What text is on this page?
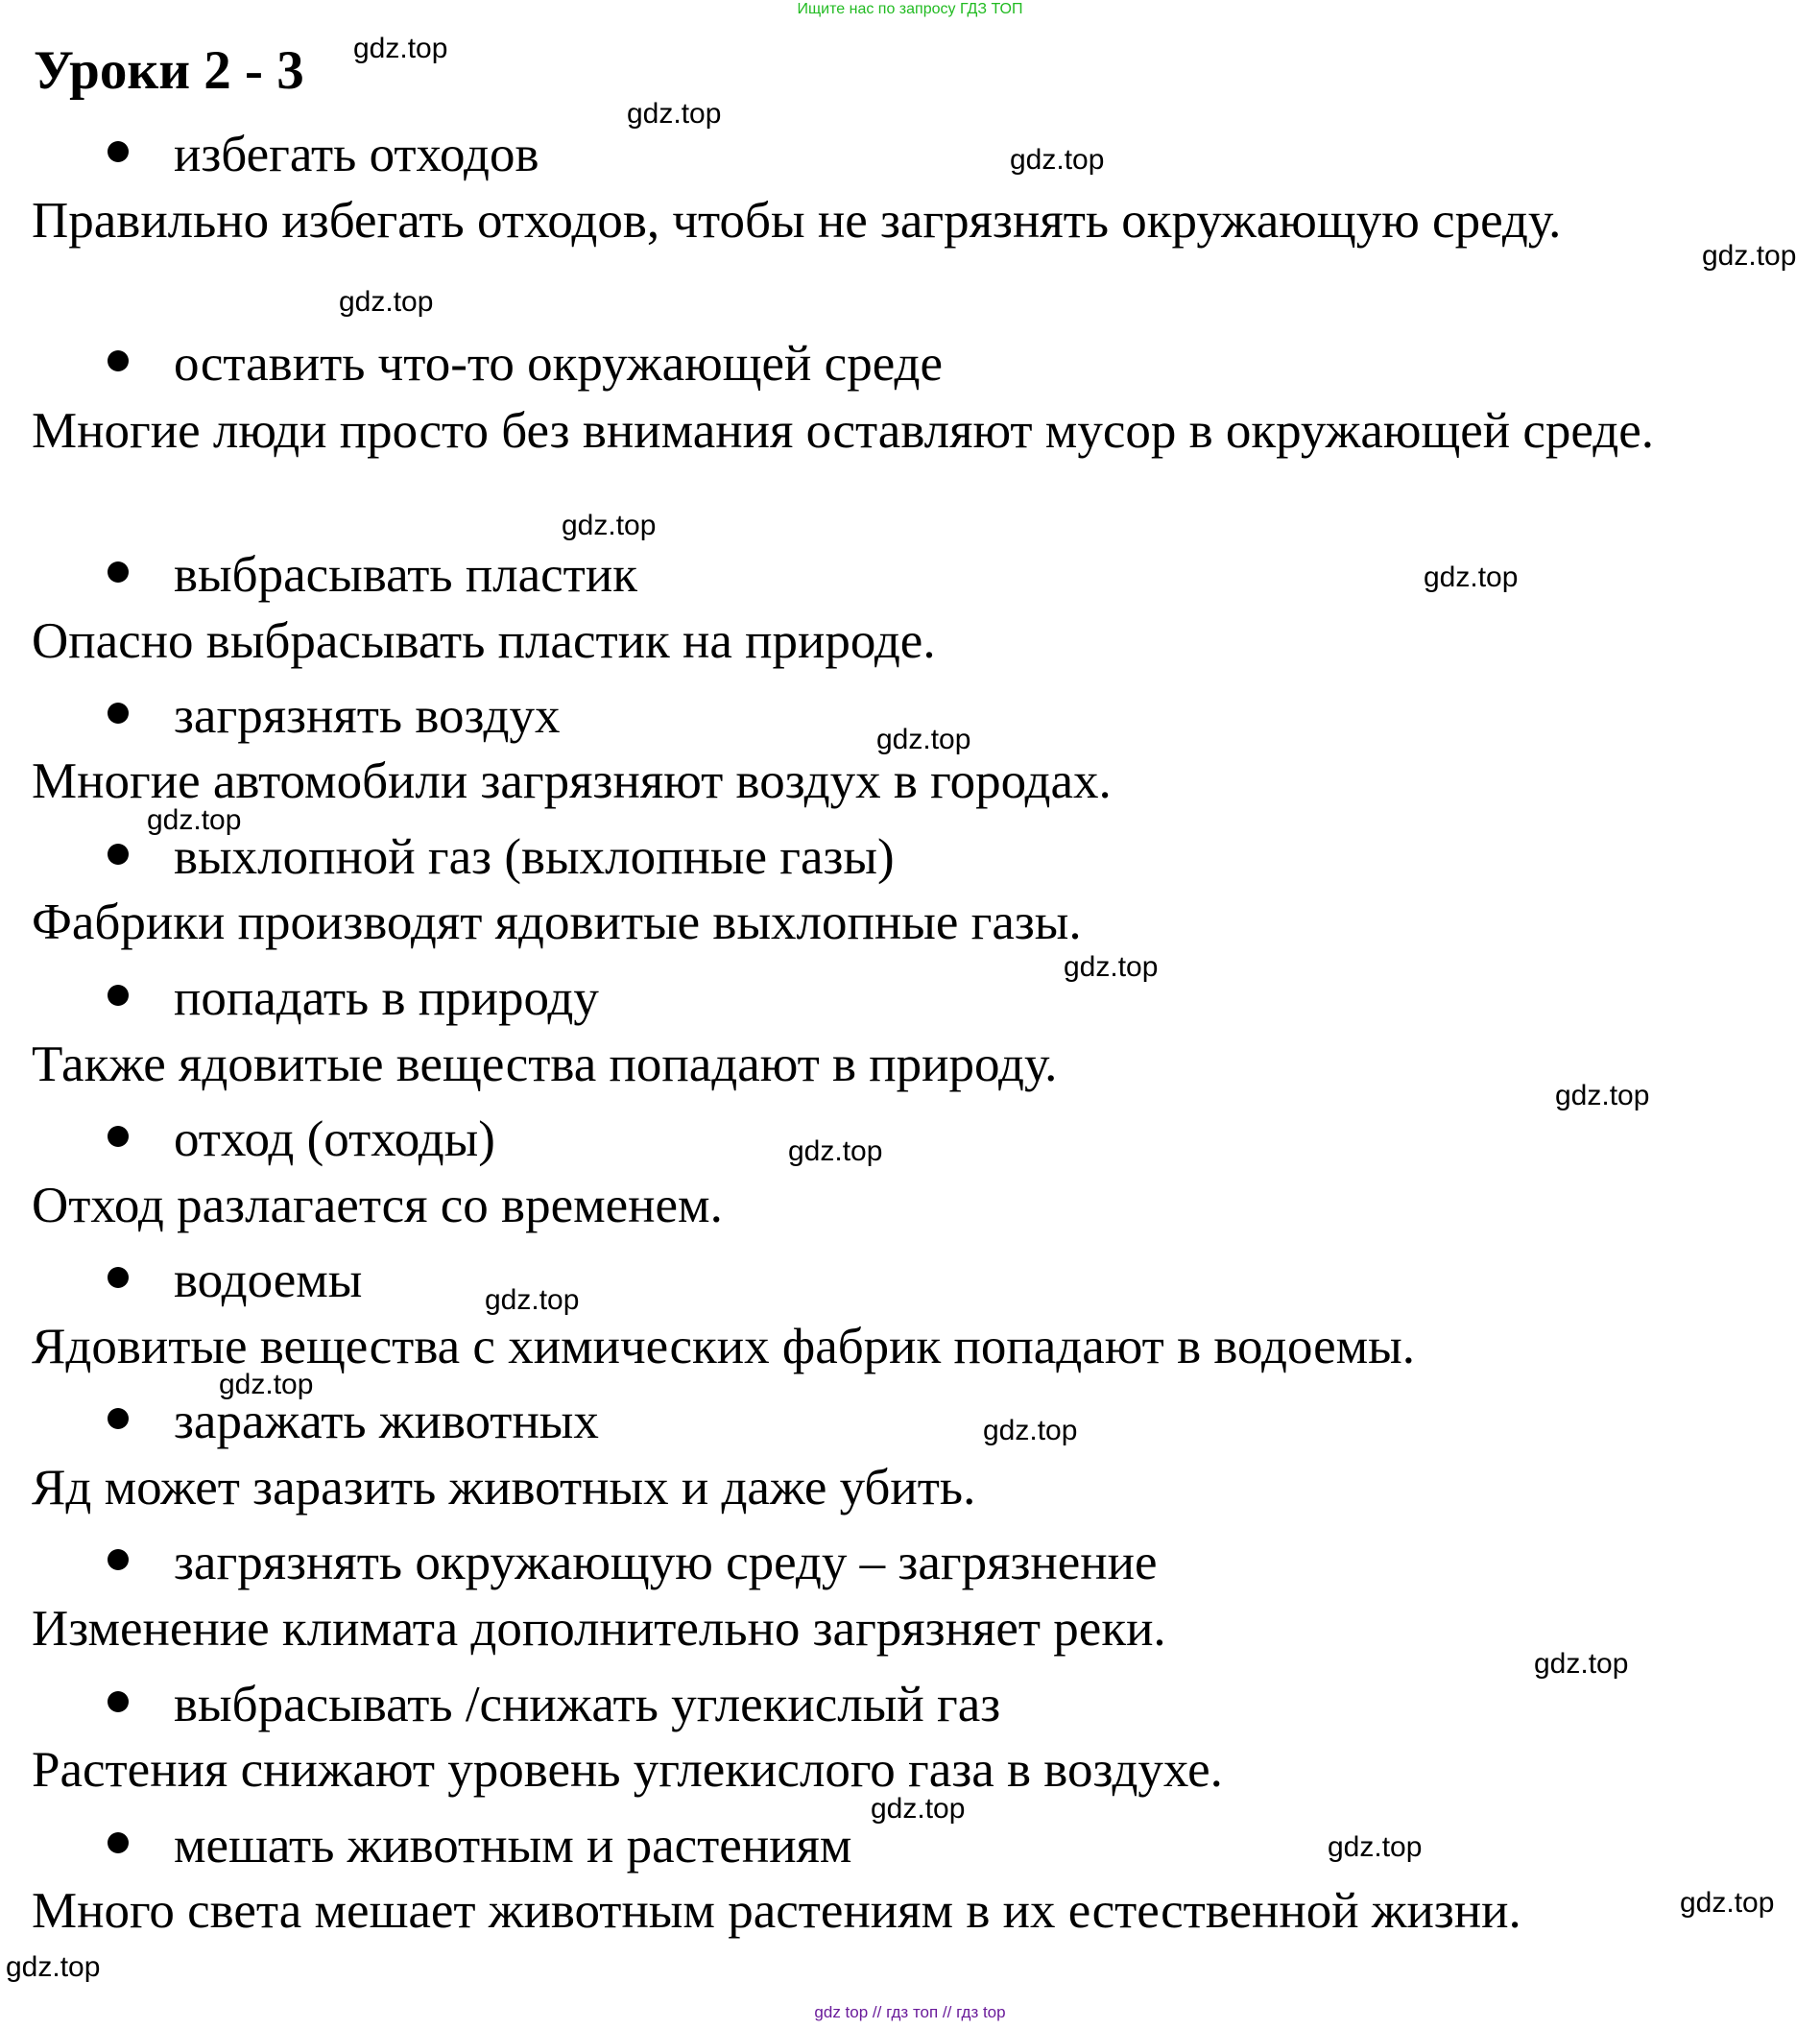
Ищите нас по запросу ГДЗ ТОП
Уроки 2 - 3
избегать отходов

Правильно избегать отходов, чтобы не загрязнять окружающую среду.

оставить что-то окружающей среде

Многие люди просто без внимания оставляют мусор в окружающей среде.

выбрасывать пластик

Опасно выбрасывать пластик на природе.

загрязнять воздух

Многие автомобили загрязняют воздух в городах.

выхлопной газ (выхлопные газы)

Фабрики производят ядовитые выхлопные газы.

попадать в природу

Также ядовитые вещества попадают в природу.

отход (отходы)

Отход разлагается со временем.

водоемы

Ядовитые вещества с химических фабрик попадают в водоемы.

заражать животных

Яд может заразить животных и даже убить.

загрязнять окружающую среду – загрязнение

Изменение климата дополнительно загрязняет реки.

выбрасывать /снижать углекислый газ

Растения снижают уровень углекислого газа в воздухе.

мешать животным и растениям

Много света мешает животным растениям в их естественной жизни.

gdz.top
gdz.top
gdz.top
gdz.top
gdz.top
gdz.top
gdz.top
gdz.top
gdz.top
gdz.top
gdz.top
gdz.top
gdz.top
gdz.top
gdz.top
gdz.top
gdz.top
gdz.top
gdz.top
gdz.top
gdz top // гдз топ // гдз top
